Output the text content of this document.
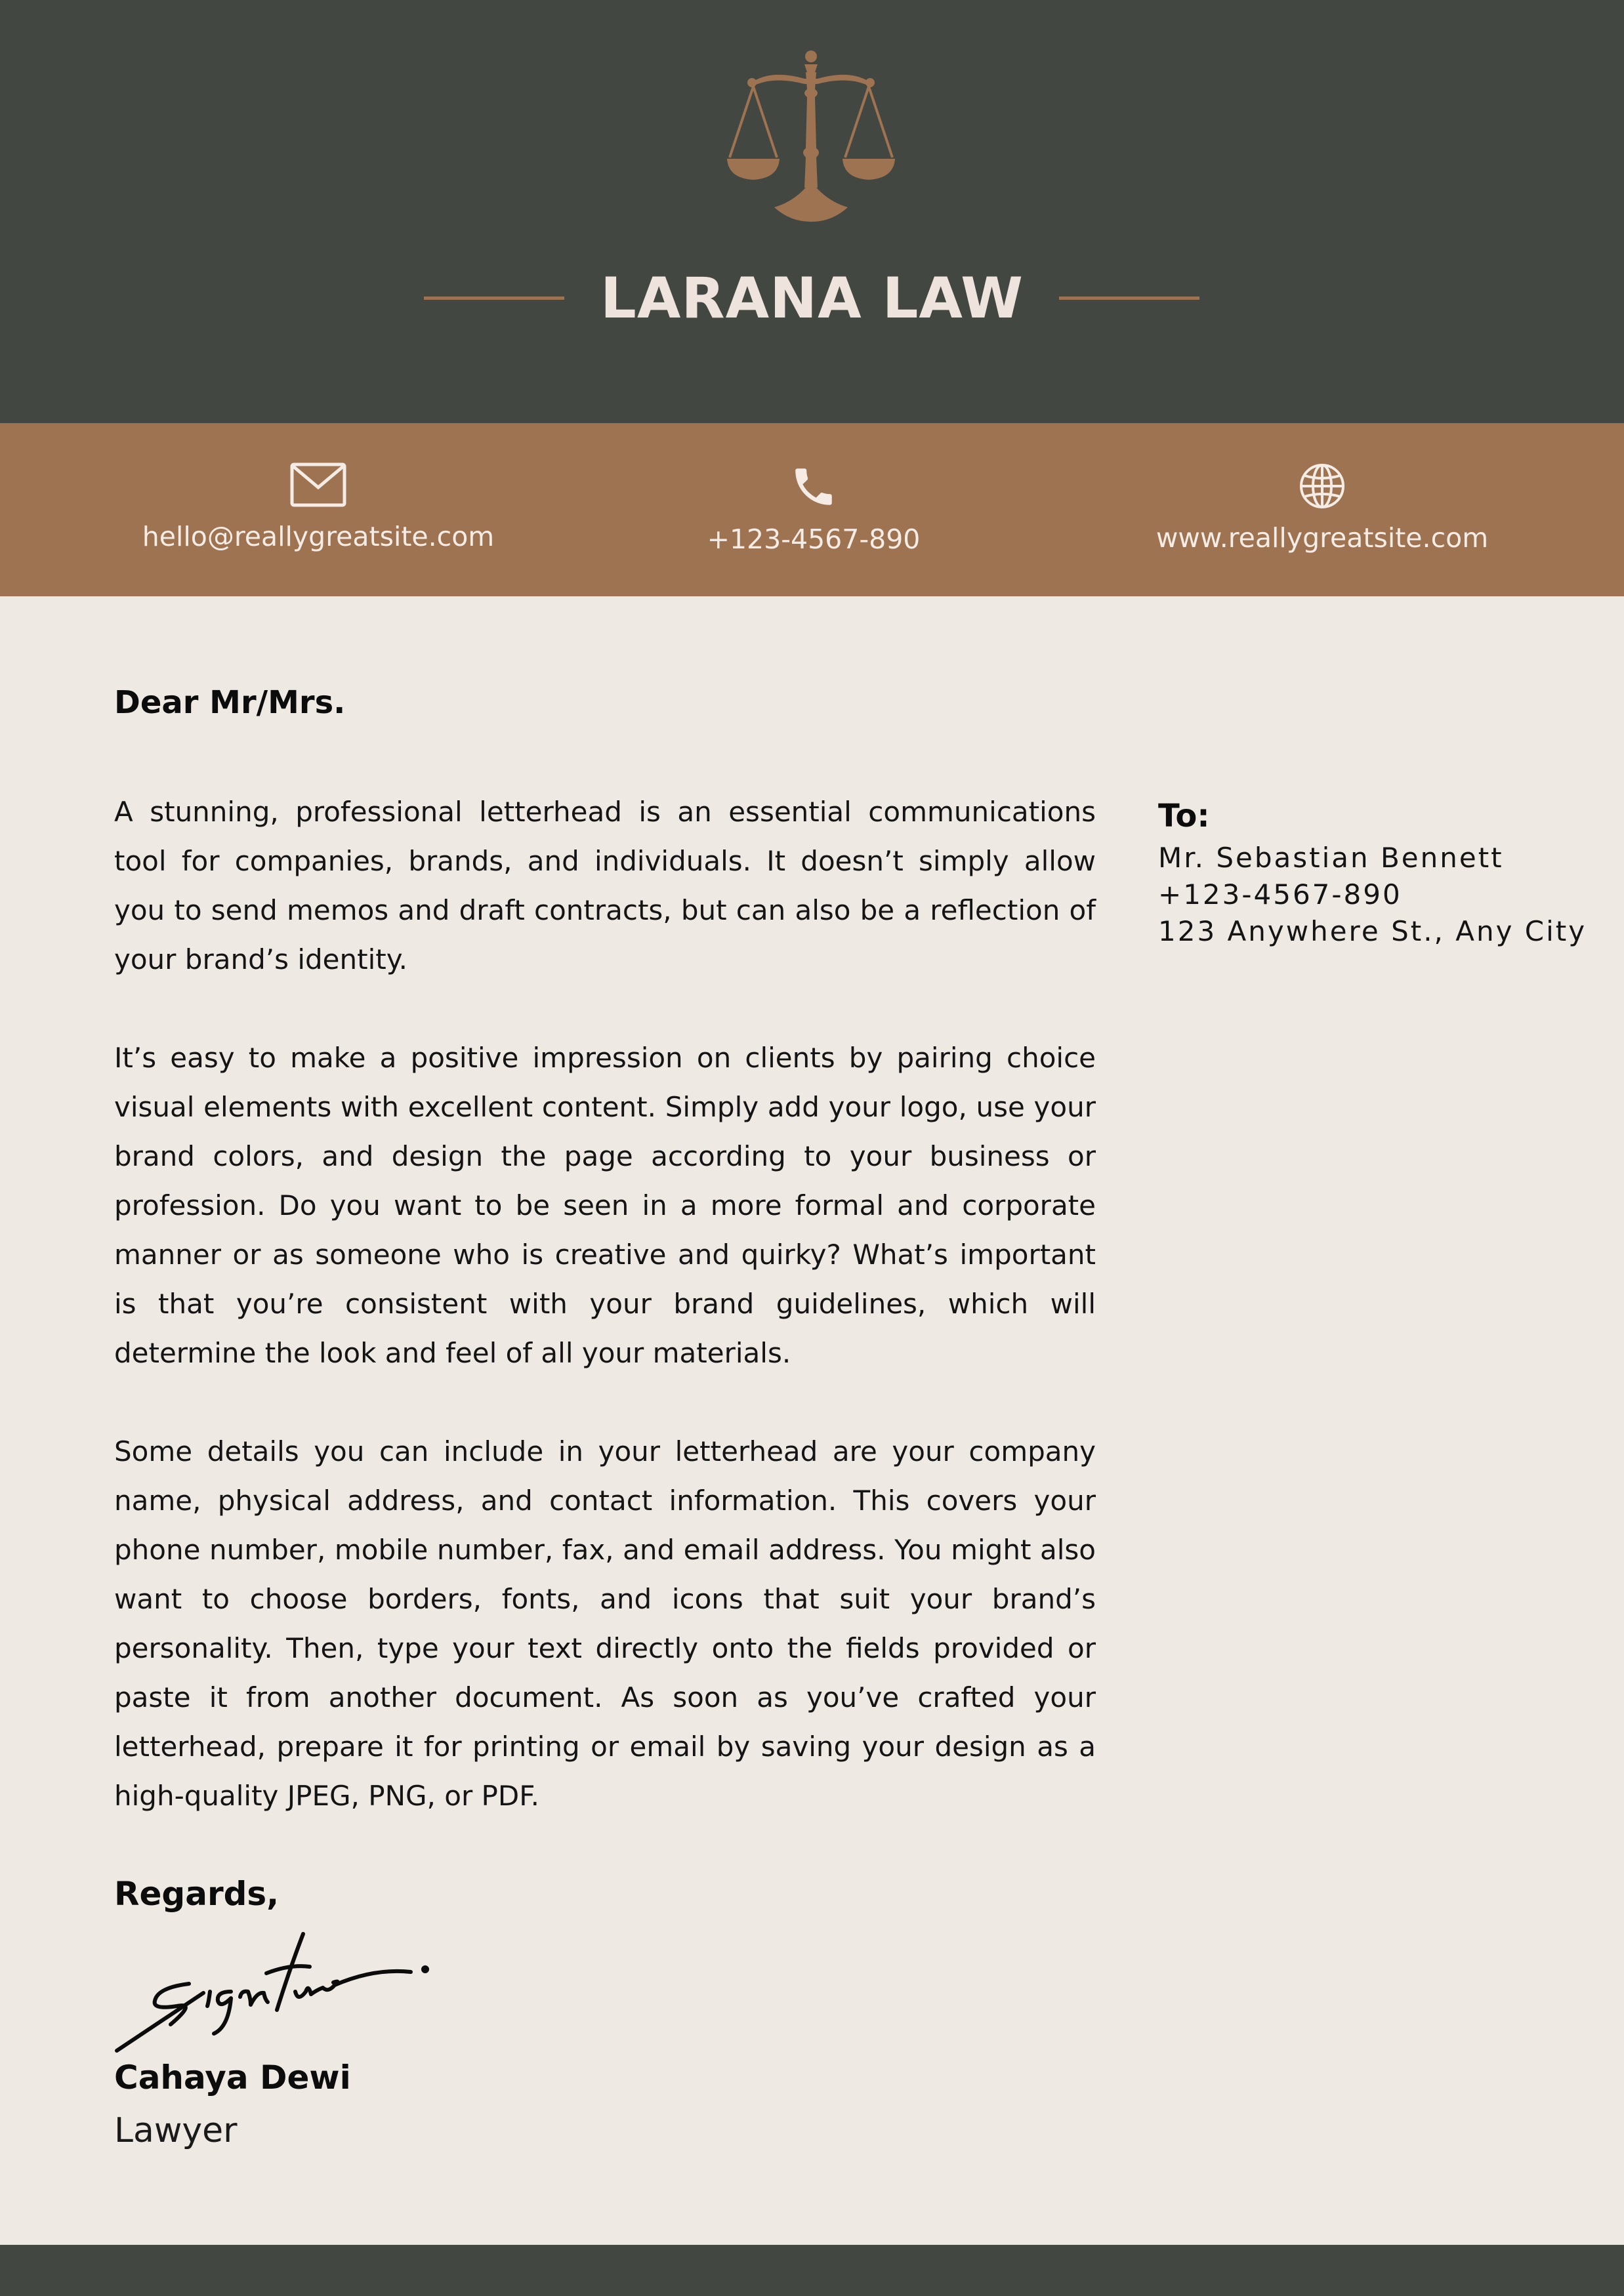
LARANA LAW
hello@reallygreatsite.com	+123-4567-890	www.reallygreatsite.com
Dear Mr/Mrs.

A stunning, professional letterhead is an essential communications tool for companies, brands, and individuals. It doesn’t simply allow you to send memos and draft contracts, but can also be a reflection of your brand’s identity.

It’s easy to make a positive impression on clients by pairing choice visual elements with excellent content. Simply add your logo, use your brand colors, and design the page according to your business or profession. Do you want to be seen in a more formal and corporate manner or as someone who is creative and quirky? What’s important is that you’re consistent with your brand guidelines, which will determine the look and feel of all your materials.

Some details you can include in your letterhead are your company name, physical address, and contact information. This covers your phone number, mobile number, fax, and email address. You might also want to choose borders, fonts, and icons that suit your brand’s personality. Then, type your text directly onto the fields provided or paste it from another document. As soon as you’ve crafted your letterhead, prepare it for printing or email by saving your design as a high-quality JPEG, PNG, or PDF.

To:
Mr. Sebastian Bennett
+123-4567-890
123 Anywhere St., Any City
Regards,
Cahaya Dewi
Lawyer
